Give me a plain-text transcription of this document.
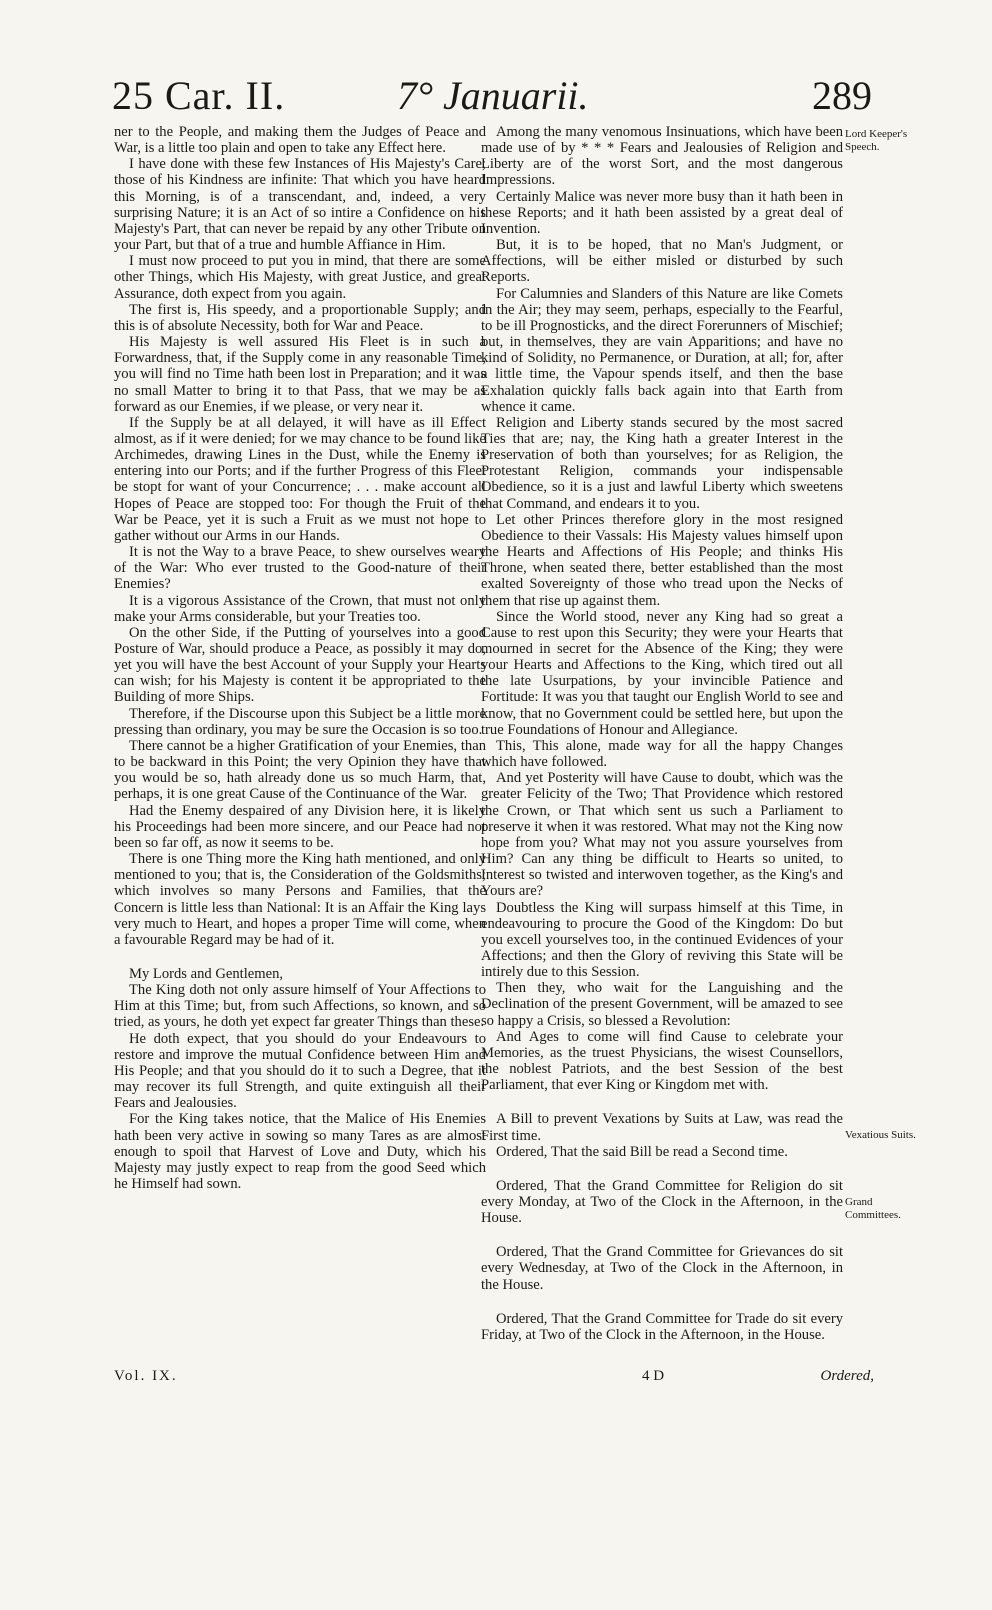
25 Car. II.	7° Januarii.	289

ner to the People, and making them the Judges of Peace and War, is a little too plain and open to take any Effect here.

I have done with these few Instances of His Majesty's Care; those of his Kindness are infinite: That which you have heard this Morning, is of a transcendant, and, indeed, a very surprising Nature; it is an Act of so intire a Confidence on his Majesty's Part, that can never be repaid by any other Tribute on your Part, but that of a true and humble Affiance in Him.

I must now proceed to put you in mind, that there are some other Things, which His Majesty, with great Justice, and great Assurance, doth expect from you again.

The first is, His speedy, and a proportionable Supply; and this is of absolute Necessity, both for War and Peace.

His Majesty is well assured His Fleet is in such a Forwardness, that, if the Supply come in any reasonable Time, you will find no Time hath been lost in Preparation; and it was no small Matter to bring it to that Pass, that we may be as forward as our Enemies, if we please, or very near it.

If the Supply be at all delayed, it will have as ill Effect almost, as if it were denied; for we may chance to be found like Archimedes, drawing Lines in the Dust, while the Enemy is entering into our Ports; and if the further Progress of this Fleet be stopt for want of your Concurrence; . . . make account all Hopes of Peace are stopped too: For though the Fruit of the War be Peace, yet it is such a Fruit as we must not hope to gather without our Arms in our Hands.

It is not the Way to a brave Peace, to shew ourselves weary of the War: Who ever trusted to the Good-nature of their Enemies?

It is a vigorous Assistance of the Crown, that must not only make your Arms considerable, but your Treaties too.

On the other Side, if the Putting of yourselves into a good Posture of War, should produce a Peace, as possibly it may do, yet you will have the best Account of your Supply your Hearts can wish; for his Majesty is content it be appropriated to the Building of more Ships.

Therefore, if the Discourse upon this Subject be a little more pressing than ordinary, you may be sure the Occasion is so too.

There cannot be a higher Gratification of your Enemies, than to be backward in this Point; the very Opinion they have that you would be so, hath already done us so much Harm, that, perhaps, it is one great Cause of the Continuance of the War.

Had the Enemy despaired of any Division here, it is likely his Proceedings had been more sincere, and our Peace had not been so far off, as now it seems to be.

There is one Thing more the King hath mentioned, and only mentioned to you; that is, the Consideration of the Goldsmiths; which involves so many Persons and Families, that the Concern is little less than National: It is an Affair the King lays very much to Heart, and hopes a proper Time will come, when a favourable Regard may be had of it.

My Lords and Gentlemen,

The King doth not only assure himself of Your Affections to Him at this Time; but, from such Affections, so known, and so tried, as yours, he doth yet expect far greater Things than these.

He doth expect, that you should do your Endeavours to restore and improve the mutual Confidence between Him and His People; and that you should do it to such a Degree, that it may recover its full Strength, and quite extinguish all their Fears and Jealousies.

For the King takes notice, that the Malice of His Enemies hath been very active in sowing so many Tares as are almost enough to spoil that Harvest of Love and Duty, which his Majesty may justly expect to reap from the good Seed which he Himself had sown.

Among the many venomous Insinuations, which have been made use of by * * * Fears and Jealousies of Religion and Liberty are of the worst Sort, and the most dangerous Impressions.

Certainly Malice was never more busy than it hath been in these Reports; and it hath been assisted by a great deal of Invention.

But, it is to be hoped, that no Man's Judgment, or Affections, will be either misled or disturbed by such Reports.

For Calumnies and Slanders of this Nature are like Comets in the Air; they may seem, perhaps, especially to the Fearful, to be ill Prognosticks, and the direct Forerunners of Mischief; but, in themselves, they are vain Apparitions; and have no kind of Solidity, no Permanence, or Duration, at all; for, after a little time, the Vapour spends itself, and then the base Exhalation quickly falls back again into that Earth from whence it came.

Religion and Liberty stands secured by the most sacred Ties that are; nay, the King hath a greater Interest in the Preservation of both than yourselves; for as Religion, the Protestant Religion, commands your indispensable Obedience, so it is a just and lawful Liberty which sweetens that Command, and endears it to you.

Let other Princes therefore glory in the most resigned Obedience to their Vassals: His Majesty values himself upon the Hearts and Affections of His People; and thinks His Throne, when seated there, better established than the most exalted Sovereignty of those who tread upon the Necks of them that rise up against them.

Since the World stood, never any King had so great a Cause to rest upon this Security; they were your Hearts that mourned in secret for the Absence of the King; they were your Hearts and Affections to the King, which tired out all the late Usurpations, by your invincible Patience and Fortitude: It was you that taught our English World to see and know, that no Government could be settled here, but upon the true Foundations of Honour and Allegiance.

This, This alone, made way for all the happy Changes which have followed.

And yet Posterity will have Cause to doubt, which was the greater Felicity of the Two; That Providence which restored the Crown, or That which sent us such a Parliament to preserve it when it was restored. What may not the King now hope from you? What may not you assure yourselves from Him? Can any thing be difficult to Hearts so united, to Interest so twisted and interwoven together, as the King's and Yours are?

Doubtless the King will surpass himself at this Time, in endeavouring to procure the Good of the Kingdom: Do but you excell yourselves too, in the continued Evidences of your Affections; and then the Glory of reviving this State will be intirely due to this Session.

Then they, who wait for the Languishing and the Declination of the present Government, will be amazed to see so happy a Crisis, so blessed a Revolution:

And Ages to come will find Cause to celebrate your Memories, as the truest Physicians, the wisest Counsellors, the noblest Patriots, and the best Session of the best Parliament, that ever King or Kingdom met with.

A Bill to prevent Vexations by Suits at Law, was read the First time.

Ordered, That the said Bill be read a Second time.

Ordered, That the Grand Committee for Religion do sit every Monday, at Two of the Clock in the Afternoon, in the House.

Ordered, That the Grand Committee for Grievances do sit every Wednesday, at Two of the Clock in the Afternoon, in the House.

Ordered, That the Grand Committee for Trade do sit every Friday, at Two of the Clock in the Afternoon, in the House.

Lord Keeper's Speech.
Vexatious Suits.
Grand Committees.
Vol. IX.	4 D	Ordered,
